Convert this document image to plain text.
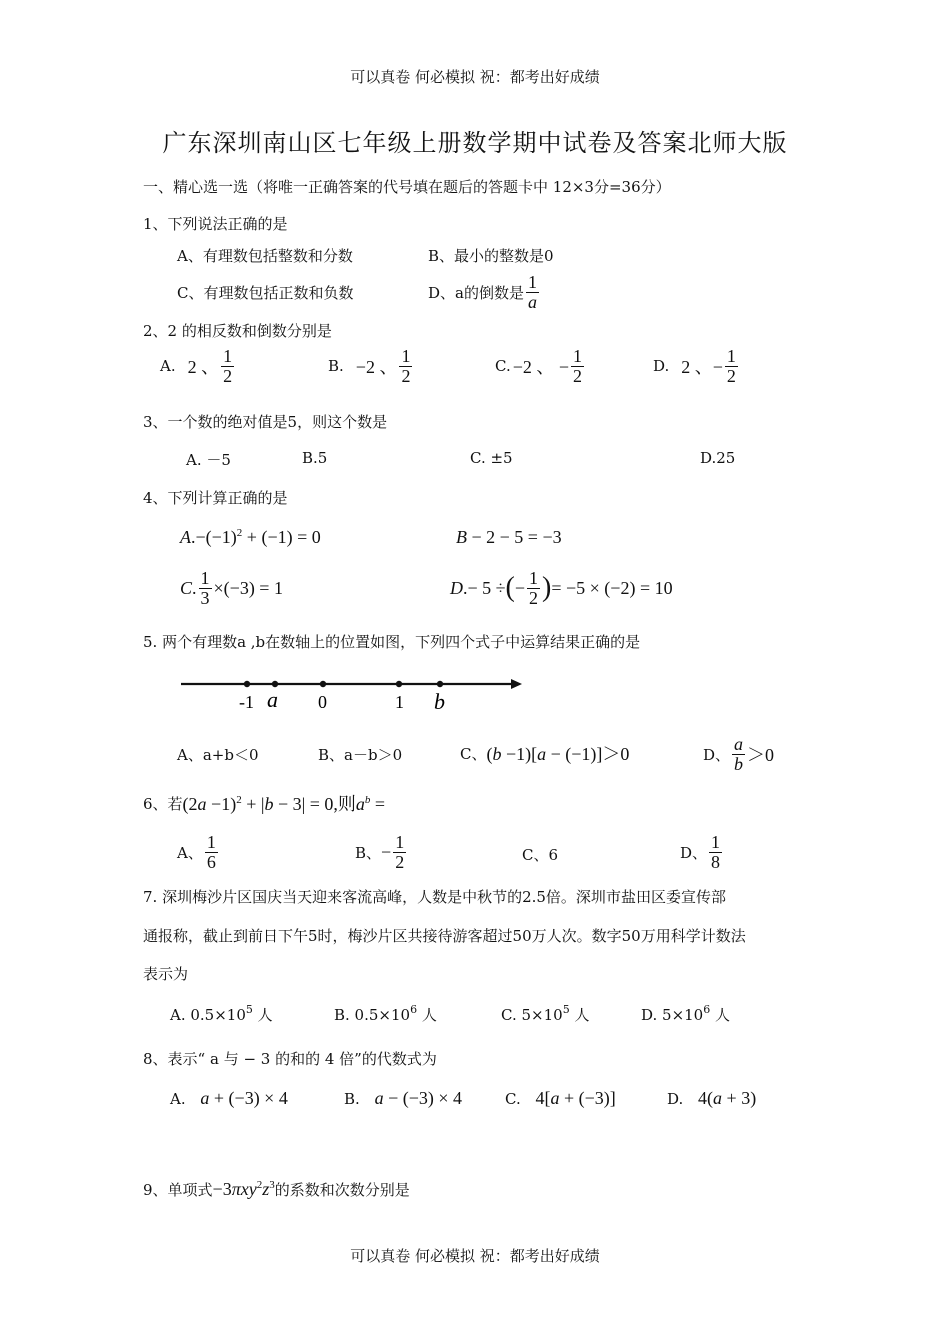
可以真卷 何必模拟 祝：都考出好成绩
广东深圳南山区七年级上册数学期中试卷及答案北师大版
一、精心选一选（将唯一正确答案的代号填在题后的答题卡中 12×3分=36分）
1、下列说法正确的是
A、有理数包括整数和分数	B、最小的整数是0
C、有理数包括正数和负数	D、a的倒数是 $\frac{1}{a}$
2、2 的相反数和倒数分别是
A. 2 、 $\frac{1}{2}$	B. −2 、 $\frac{1}{2}$	C. −2 、 − $\frac{1}{2}$	D. 2 、− $\frac{1}{2}$
3、一个数的绝对值是5，则这个数是
A. －5	B.5	C. ±5	D.25
4、下列计算正确的是
$A.-(-1)^2 + (-1) = 0$	B − 2 − 5 = −3
C . $\frac{1}{3} \times(-3) = 1$	D .− 5 ÷ ( − $\frac{1}{2}$ ) = −5 × (−2) = 10
5. 两个有理数a ,b在数轴上的位置如图，下列四个式子中运算结果正确的是
-1 a 0	1 b
A、a+b＜0	B、a－b＞0	C、 (b −1)[a − (−1)]＞0	D、 $\frac{a}{b} >0$
6、若 $(2a -1)^2 + |b - 3| = 0$,则$a^b$ =
A、 $\frac{1}{6}$	B、 − $\frac{1}{2}$	C、6	D、 $\frac{1}{8}$
7. 深圳梅沙片区国庆当天迎来客流高峰，人数是中秋节的2.5倍。深圳市盐田区委宣传部
通报称，截止到前日下午5时，梅沙片区共接待游客超过50万人次。数字50万用科学计数法
表示为
A. $0.5\times 10^5$ 人	B. $0.5\times 10^6$ 人	C. $5\times 10^5$ 人	D. $5\times 10^6$ 人
8、表示“ a 与 − 3 的和的 4 倍”的代数式为
A. a + (−3) × 4	B. a − (−3) × 4	C. 4[a + (−3)]	D. 4(a + 3)
9、单项式 $-3\pi xy^2z^3$ 的系数和次数分别是
可以真卷 何必模拟 祝：都考出好成绩
